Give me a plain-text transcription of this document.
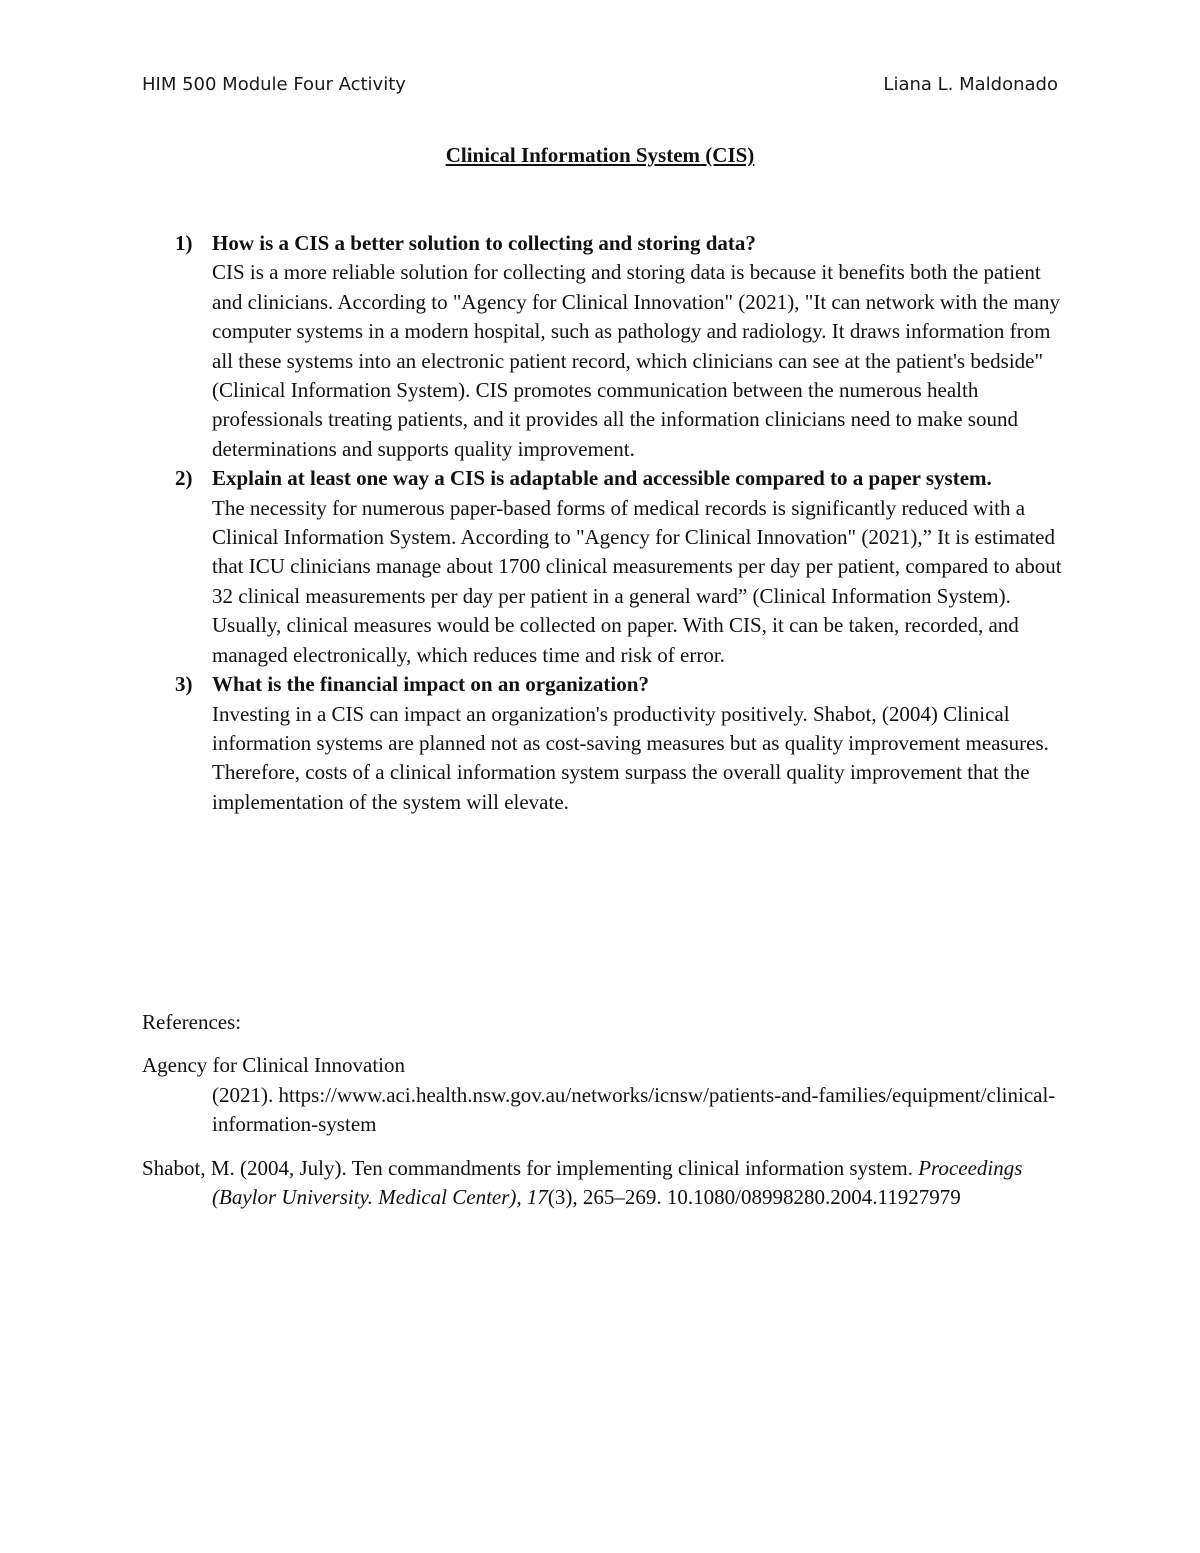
HIM 500 Module Four Activity	Liana L. Maldonado
Clinical Information System (CIS)
1) How is a CIS a better solution to collecting and storing data?
CIS is a more reliable solution for collecting and storing data is because it benefits both the patient and clinicians. According to "Agency for Clinical Innovation" (2021), "It can network with the many computer systems in a modern hospital, such as pathology and radiology. It draws information from all these systems into an electronic patient record, which clinicians can see at the patient's bedside" (Clinical Information System). CIS promotes communication between the numerous health professionals treating patients, and it provides all the information clinicians need to make sound determinations and supports quality improvement.
2) Explain at least one way a CIS is adaptable and accessible compared to a paper system.
The necessity for numerous paper-based forms of medical records is significantly reduced with a Clinical Information System. According to "Agency for Clinical Innovation" (2021),” It is estimated that ICU clinicians manage about 1700 clinical measurements per day per patient, compared to about 32 clinical measurements per day per patient in a general ward” (Clinical Information System). Usually, clinical measures would be collected on paper. With CIS, it can be taken, recorded, and managed electronically, which reduces time and risk of error.
3) What is the financial impact on an organization?
Investing in a CIS can impact an organization's productivity positively. Shabot, (2004) Clinical information systems are planned not as cost-saving measures but as quality improvement measures. Therefore, costs of a clinical information system surpass the overall quality improvement that the implementation of the system will elevate.

References:

Agency for Clinical Innovation
(2021). https://www.aci.health.nsw.gov.au/networks/icnsw/patients-and-families/equipment/clinical-information-system

Shabot, M. (2004, July). Ten commandments for implementing clinical information system. Proceedings (Baylor University. Medical Center), 17(3), 265–269. 10.1080/08998280.2004.11927979
